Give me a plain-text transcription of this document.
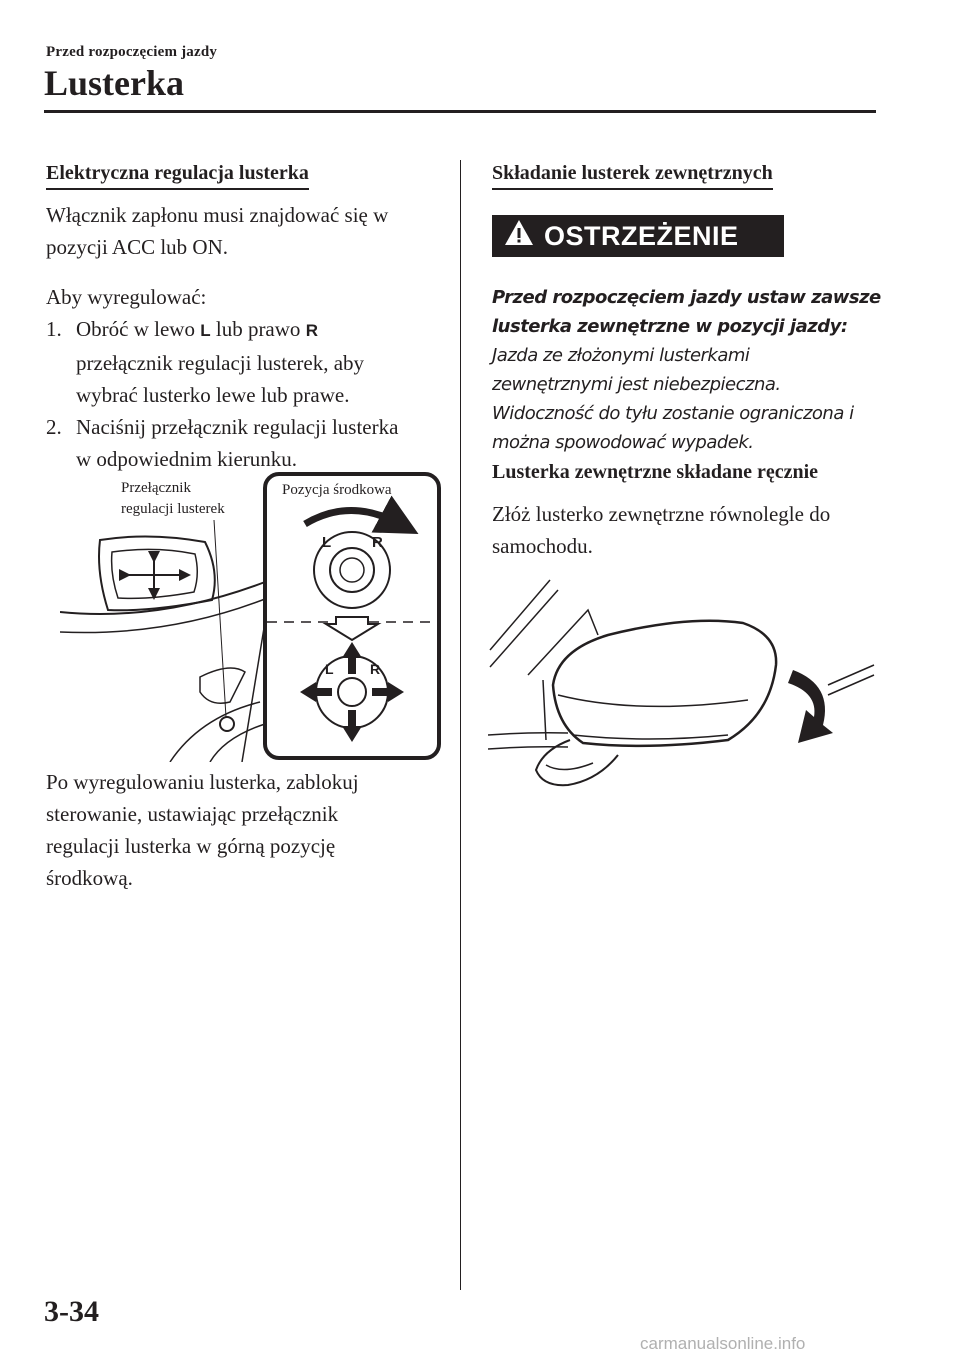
Przed rozpoczęciem jazdy
Lusterka
Elektryczna regulacja lusterka
Włącznik zapłonu musi znajdować się w
pozycji ACC lub ON.
Aby wyregulować:
1. Obróć w lewo L lub prawo R
przełącznik regulacji lusterek, aby
wybrać lusterko lewe lub prawe.
2. Naciśnij przełącznik regulacji lusterka
w odpowiednim kierunku.
L	R
L	R
Przełącznik
regulacji lusterek
Pozycja środkowa
Po wyregulowaniu lusterka, zablokuj
sterowanie, ustawiając przełącznik
regulacji lusterka w górną pozycję
środkową.
Składanie lusterek zewnętrznych
OSTRZEŻENIE
Przed rozpoczęciem jazdy ustaw zawsze
lusterka zewnętrzne w pozycji jazdy:
Jazda ze złożonymi lusterkami
zewnętrznymi jest niebezpieczna.
Widoczność do tyłu zostanie ograniczona i
można spowodować wypadek.
Lusterka zewnętrzne składane ręcznie
Złóż lusterko zewnętrzne równolegle do
samochodu.
3-34
carmanualsonline.info
